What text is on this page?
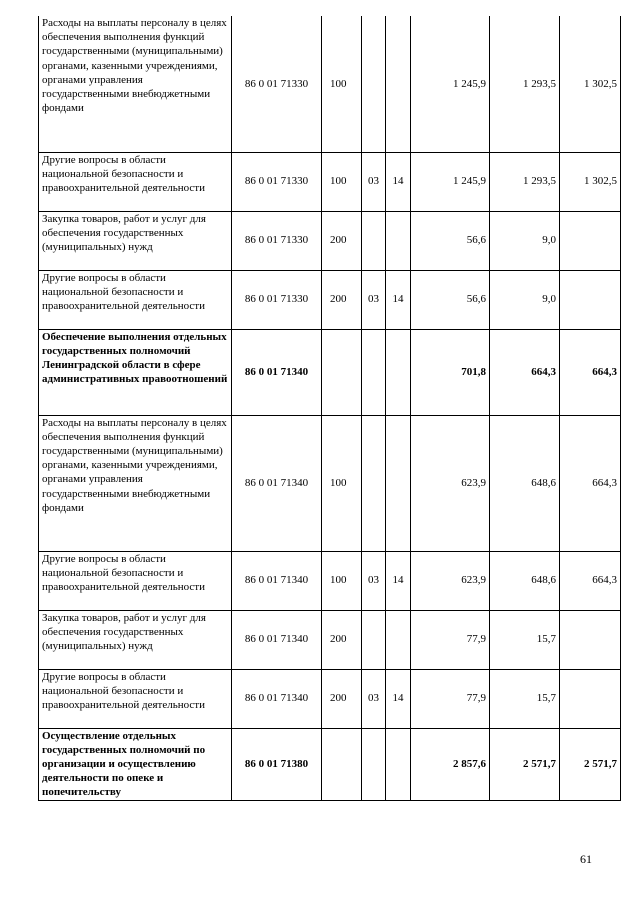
Расходы на выплаты персоналу в целях обеспечения выполнения функций государственными (муниципальными) органами, казенными учреждениями, органами управления государственными внебюджетными фондами	86 0 01 71330	100			1 245,9	1 293,5	1 302,5
Другие вопросы в области национальной безопасности и правоохранительной деятельности	86 0 01 71330	100	03	14	1 245,9	1 293,5	1 302,5
Закупка товаров, работ и услуг для обеспечения государственных (муниципальных) нужд	86 0 01 71330	200			56,6	9,0	
Другие вопросы в области национальной безопасности и правоохранительной деятельности	86 0 01 71330	200	03	14	56,6	9,0	
Обеспечение выполнения отдельных государственных полномочий Ленинградской области в сфере административных правоотношений	86 0 01 71340				701,8	664,3	664,3
Расходы на выплаты персоналу в целях обеспечения выполнения функций государственными (муниципальными) органами, казенными учреждениями, органами управления государственными внебюджетными фондами	86 0 01 71340	100			623,9	648,6	664,3
Другие вопросы в области национальной безопасности и правоохранительной деятельности	86 0 01 71340	100	03	14	623,9	648,6	664,3
Закупка товаров, работ и услуг для обеспечения государственных (муниципальных) нужд	86 0 01 71340	200			77,9	15,7	
Другие вопросы в области национальной безопасности и правоохранительной деятельности	86 0 01 71340	200	03	14	77,9	15,7	
Осуществление отдельных государственных полномочий по организации и осуществлению деятельности по опеке и попечительству	86 0 01 71380				2 857,6	2 571,7	2 571,7
61
